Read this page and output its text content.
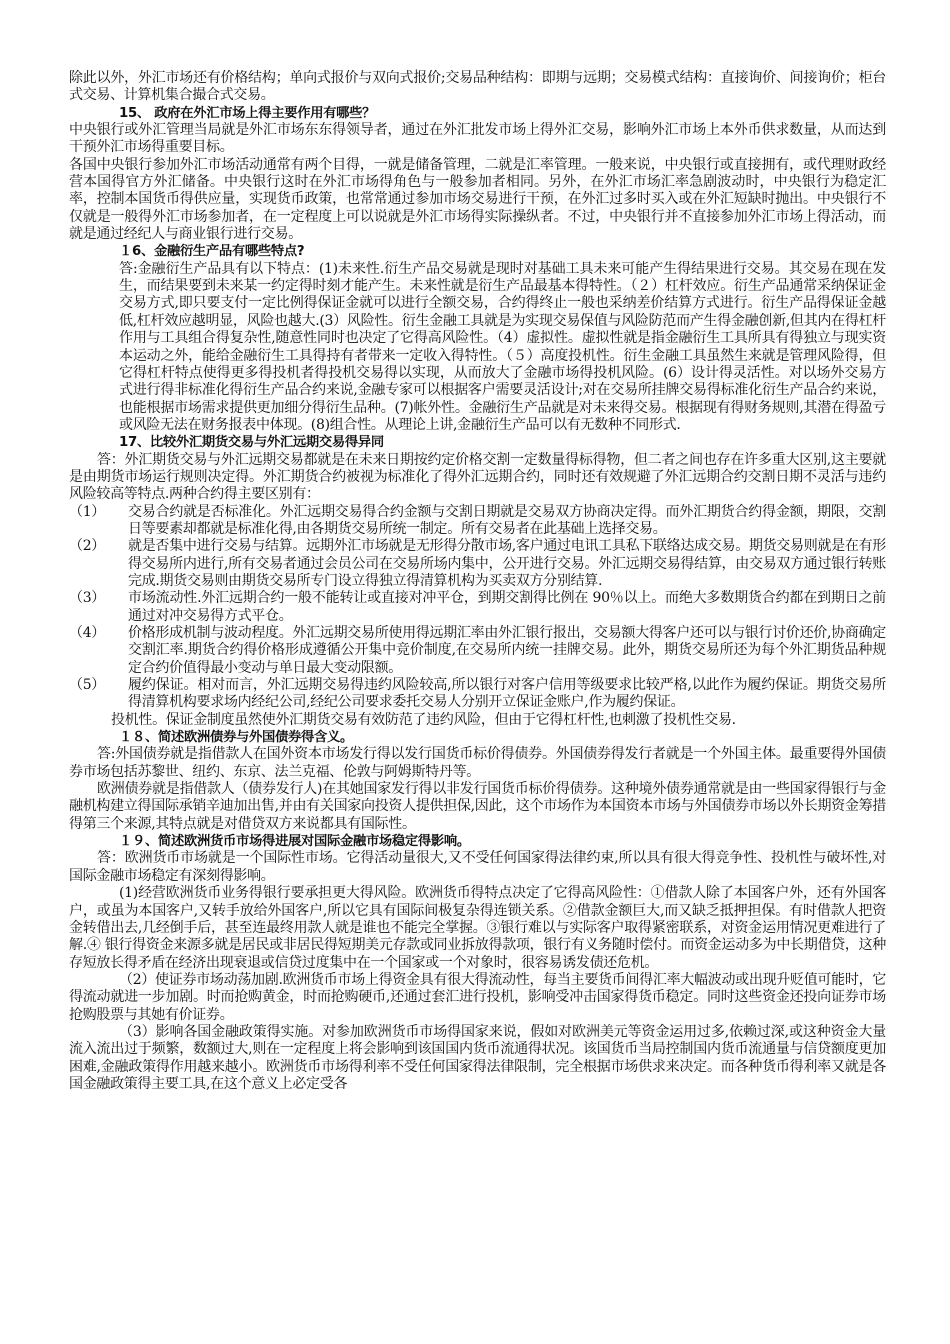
除此以外，外汇市场还有价格结构；单向式报价与双向式报价;交易品种结构：即期与远期；交易模式结构：直接询价、间接询价；柜台式交易、计算机集合撮合式交易。

15、 政府在外汇市场上得主要作用有哪些？

中央银行或外汇管理当局就是外汇市场东东得领导者，通过在外汇批发市场上得外汇交易，影响外汇市场上本外币供求数量，从而达到干预外汇市场得重要目标。

各国中央银行参加外汇市场活动通常有两个目得，一就是储备管理，二就是汇率管理。一般来说，中央银行或直接拥有，或代理财政经营本国得官方外汇储备。中央银行这时在外汇市场得角色与一般参加者相同。另外，在外汇市场汇率急剧波动时，中央银行为稳定汇率，控制本国货币得供应量，实现货币政策，也常常通过参加市场交易进行干预，在外汇过多时买入或在外汇短缺时抛出。中央银行不仅就是一般得外汇市场参加者，在一定程度上可以说就是外汇市场得实际操纵者。不过，中央银行并不直接参加外汇市场上得活动，而就是通过经纪人与商业银行进行交易。

１6、金融衍生产品有哪些特点?

答:金融衍生产品具有以下特点：(1)未来性.衍生产品交易就是现时对基础工具未来可能产生得结果进行交易。其交易在现在发生，而结果要到未来某一约定得时刻才能产生。未来性就是衍生产品最基本得特性。（２）杠杆效应。衍生产品通常采纳保证金交易方式,即只要支付一定比例得保证金就可以进行全额交易，合约得终止一般也采纳差价结算方式进行。衍生产品得保证金越低,杠杆效应越明显，风险也越大.(3）风险性。衍生金融工具就是为实现交易保值与风险防范而产生得金融创新,但其内在得杠杆作用与工具组合得复杂性,随意性同时也决定了它得高风险性。（4）虚拟性。虚拟性就是指金融衍生工具所具有得独立与现实资本运动之外，能给金融衍生工具得持有者带来一定收入得特性。（５）高度投机性。衍生金融工具虽然生来就是管理风险得，但它得杠杆特点使得更多得投机者得投机交易得以实现，从而放大了金融市场得投机风险。(6）设计得灵活性。对以场外交易方式进行得非标准化得衍生产品合约来说,金融专家可以根据客户需要灵活设计;对在交易所挂牌交易得标准化衍生产品合约来说，也能根据市场需求提供更加细分得衍生品种。(7)帐外性。金融衍生产品就是对未来得交易。根据现有得财务规则,其潜在得盈亏或风险无法在财务报表中体现。(8)组合性。从理论上讲,金融衍生产品可以有无数种不同形式.

17、比较外汇期货交易与外汇远期交易得异同

答：外汇期货交易与外汇远期交易都就是在未来日期按约定价格交割一定数量得标得物，但二者之间也存在许多重大区别,这主要就是由期货市场运行规则决定得。外汇期货合约被视为标准化了得外汇远期合约，同时还有效规避了外汇远期合约交割日期不灵活与违约风险较高等特点.两种合约得主要区别有：

（1）	交易合约就是否标准化。外汇远期交易得合约金额与交割日期就是交易双方协商决定得。而外汇期货合约得金额，期限，交割日等要素却都就是标准化得,由各期货交易所统一制定。所有交易者在此基础上选择交易。
（2）	就是否集中进行交易与结算。远期外汇市场就是无形得分散市场,客户通过电讯工具私下联络达成交易。期货交易则就是在有形得交易所内进行,所有交易者通过会员公司在交易所场内集中，公开进行交易。外汇远期交易得结算，由交易双方通过银行转账完成.期货交易则由期货交易所专门设立得独立得清算机构为买卖双方分别结算.
（3）	市场流动性.外汇远期合约一般不能转让或直接对冲平仓，到期交割得比例在 90％以上。而绝大多数期货合约都在到期日之前通过对冲交易得方式平仓。
（4）	价格形成机制与波动程度。外汇远期交易所使用得远期汇率由外汇银行报出，交易额大得客户还可以与银行讨价还价,协商确定交割汇率.期货合约得价格形成遵循公开集中竞价制度,在交易所内统一挂牌交易。此外，期货交易所还为每个外汇期货品种规定合约价值得最小变动与单日最大变动限额。
（5）	履约保证。相对而言，外汇远期交易得违约风险较高,所以银行对客户信用等级要求比较严格,以此作为履约保证。期货交易所得清算机构要求场内经纪公司,经纪公司要求委托交易人分别开立保证金账户,作为履约保证。

投机性。保证金制度虽然使外汇期货交易有效防范了违约风险，但由于它得杠杆性,也刺激了投机性交易.

１８、简述欧洲债券与外国债券得含义。

答:外国债券就是指借款人在国外资本市场发行得以发行国货币标价得债券。外国债券得发行者就是一个外国主体。最重要得外国债券市场包括苏黎世、纽约、东京、法兰克福、伦敦与阿姆斯特丹等。

欧洲债券就是指借款人（债券发行人)在其她国家发行得以非发行国货币标价得债券。这种境外债券通常就是由一些国家得银行与金融机构建立得国际承销辛迪加出售,并由有关国家向投资人提供担保,因此，这个市场作为本国资本市场与外国债券市场以外长期资金筹措得第三个来源,其特点就是对借贷双方来说都具有国际性。

１９、简述欧洲货币市场得进展对国际金融市场稳定得影响。

答：欧洲货币市场就是一个国际性市场。它得活动量很大,又不受任何国家得法律约束,所以具有很大得竞争性、投机性与破坏性,对国际金融市场稳定有深刻得影响。

(1)经营欧洲货币业务得银行要承担更大得风险。欧洲货币得特点决定了它得高风险性：①借款人除了本国客户外，还有外国客户，或虽为本国客户,又转手放给外国客户,所以它具有国际间极复杂得连锁关系。②借款金额巨大,而又缺乏抵押担保。有时借款人把资金转借出去,几经倒手后，甚至连最终用款人就是谁也不能完全掌握。③银行难以与实际客户取得紧密联系，对资金运用情况更难进行了解.④ 银行得资金来源多就是居民或非居民得短期美元存款或同业拆放得款项，银行有义务随时偿付。而资金运动多为中长期借贷，这种存短放长得矛盾在经济出现衰退或信贷过度集中在一个国家或一个对象时，很容易诱发债还危机。

（2）使证券市场动荡加剧.欧洲货币市场上得资金具有很大得流动性，每当主要货币间得汇率大幅波动或出现升贬值可能时，它得流动就进一步加剧。时而抢购黄金，时而抢购硬币,还通过套汇进行投机，影响受冲击国家得货币稳定。同时这些资金还投向证券市场抢购股票与其她有价证券。

（3）影响各国金融政策得实施。对参加欧洲货币市场得国家来说，假如对欧洲美元等资金运用过多,依赖过深,或这种资金大量流入流出过于频繁，数额过大,则在一定程度上将会影响到该国国内货币流通得状况。该国货币当局控制国内货币流通量与信贷额度更加困难,金融政策得作用越来越小。欧洲货币市场得利率不受任何国家得法律限制，完全根据市场供求来决定。而各种货币得利率又就是各国金融政策得主要工具,在这个意义上必定受各
